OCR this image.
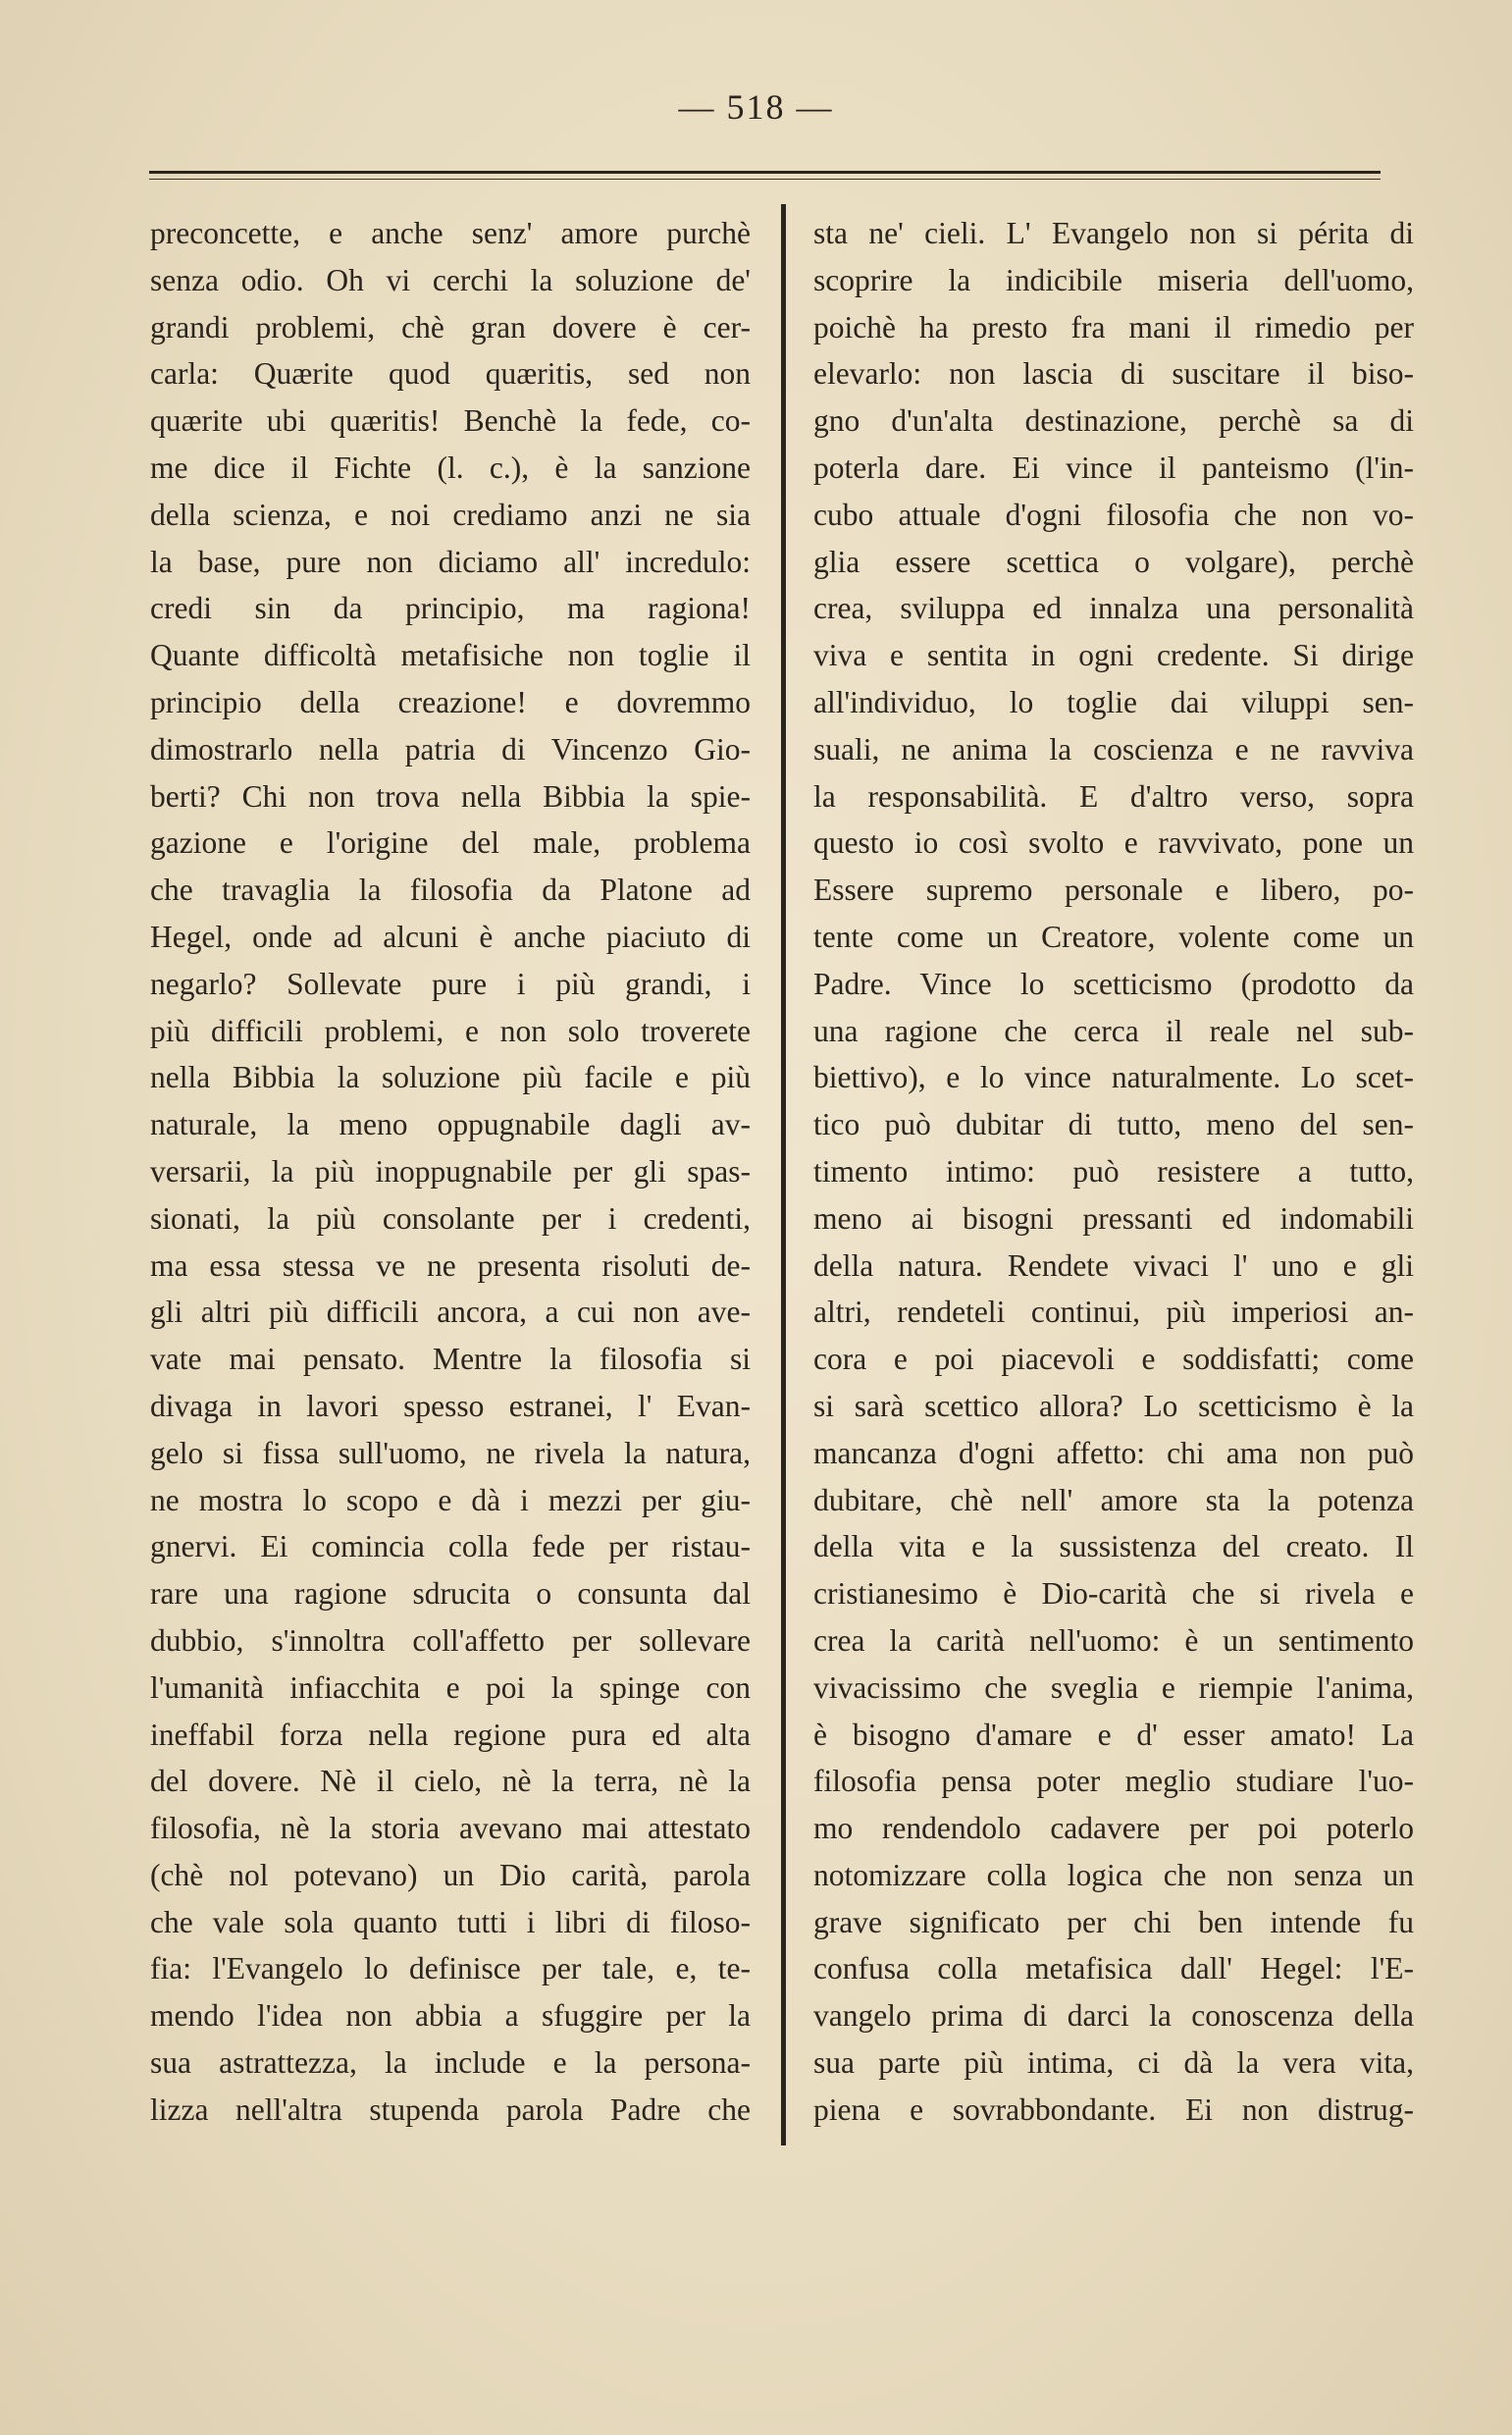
— 518 —
preconcette, e anche senz' amore purchè
senza odio. Oh vi cerchi la soluzione de'
grandi problemi, chè gran dovere è cer-
carla: Quærite quod quæritis, sed non
quærite ubi quæritis! Benchè la fede, co-
me dice il Fichte (l. c.), è la sanzione
della scienza, e noi crediamo anzi ne sia
la base, pure non diciamo all' incredulo:
credi sin da principio, ma ragiona!
Quante difficoltà metafisiche non toglie il
principio della creazione! e dovremmo
dimostrarlo nella patria di Vincenzo Gio-
berti? Chi non trova nella Bibbia la spie-
gazione e l'origine del male, problema
che travaglia la filosofia da Platone ad
Hegel, onde ad alcuni è anche piaciuto di
negarlo? Sollevate pure i più grandi, i
più difficili problemi, e non solo troverete
nella Bibbia la soluzione più facile e più
naturale, la meno oppugnabile dagli av-
versarii, la più inoppugnabile per gli spas-
sionati, la più consolante per i credenti,
ma essa stessa ve ne presenta risoluti de-
gli altri più difficili ancora, a cui non ave-
vate mai pensato. Mentre la filosofia si
divaga in lavori spesso estranei, l' Evan-
gelo si fissa sull'uomo, ne rivela la natura,
ne mostra lo scopo e dà i mezzi per giu-
gnervi. Ei comincia colla fede per ristau-
rare una ragione sdrucita o consunta dal
dubbio, s'innoltra coll'affetto per sollevare
l'umanità infiacchita e poi la spinge con
ineffabil forza nella regione pura ed alta
del dovere. Nè il cielo, nè la terra, nè la
filosofia, nè la storia avevano mai attestato
(chè nol potevano) un Dio carità, parola
che vale sola quanto tutti i libri di filoso-
fia: l'Evangelo lo definisce per tale, e, te-
mendo l'idea non abbia a sfuggire per la
sua astrattezza, la include e la persona-
lizza nell'altra stupenda parola Padre che
sta ne' cieli. L' Evangelo non si périta di
scoprire la indicibile miseria dell'uomo,
poichè ha presto fra mani il rimedio per
elevarlo: non lascia di suscitare il biso-
gno d'un'alta destinazione, perchè sa di
poterla dare. Ei vince il panteismo (l'in-
cubo attuale d'ogni filosofia che non vo-
glia essere scettica o volgare), perchè
crea, sviluppa ed innalza una personalità
viva e sentita in ogni credente. Si dirige
all'individuo, lo toglie dai viluppi sen-
suali, ne anima la coscienza e ne ravviva
la responsabilità. E d'altro verso, sopra
questo io così svolto e ravvivato, pone un
Essere supremo personale e libero, po-
tente come un Creatore, volente come un
Padre. Vince lo scetticismo (prodotto da
una ragione che cerca il reale nel sub-
biettivo), e lo vince naturalmente. Lo scet-
tico può dubitar di tutto, meno del sen-
timento intimo: può resistere a tutto,
meno ai bisogni pressanti ed indomabili
della natura. Rendete vivaci l' uno e gli
altri, rendeteli continui, più imperiosi an-
cora e poi piacevoli e soddisfatti; come
si sarà scettico allora? Lo scetticismo è la
mancanza d'ogni affetto: chi ama non può
dubitare, chè nell' amore sta la potenza
della vita e la sussistenza del creato. Il
cristianesimo è Dio-carità che si rivela e
crea la carità nell'uomo: è un sentimento
vivacissimo che sveglia e riempie l'anima,
è bisogno d'amare e d' esser amato! La
filosofia pensa poter meglio studiare l'uo-
mo rendendolo cadavere per poi poterlo
notomizzare colla logica che non senza un
grave significato per chi ben intende fu
confusa colla metafisica dall' Hegel: l'E-
vangelo prima di darci la conoscenza della
sua parte più intima, ci dà la vera vita,
piena e sovrabbondante. Ei non distrug-
